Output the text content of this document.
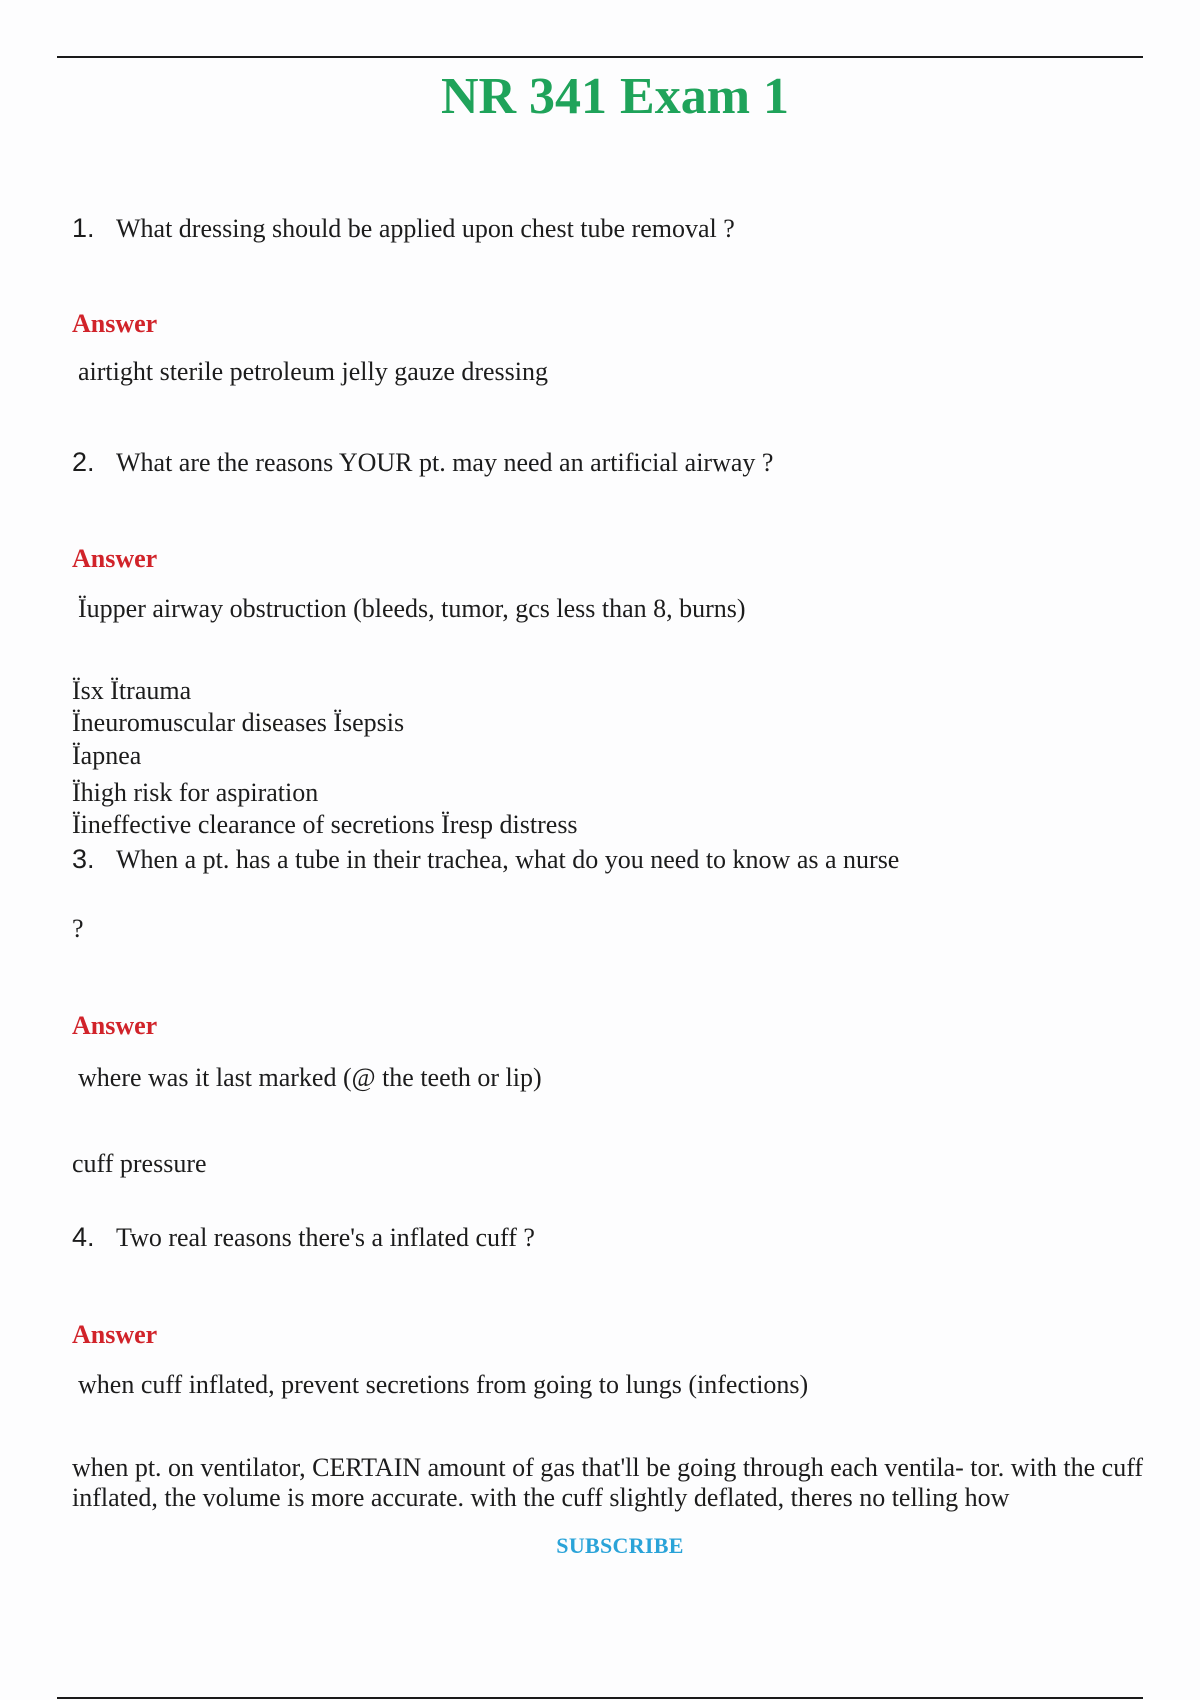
NR 341 Exam 1
1. What dressing should be applied upon chest tube removal ?
Answer
airtight sterile petroleum jelly gauze dressing
2. What are the reasons YOUR pt. may need an artificial airway ?
Answer
Ïupper airway obstruction (bleeds, tumor, gcs less than 8, burns)
Ïsx Ïtrauma
Ïneuromuscular diseases Ïsepsis
Ïapnea
Ïhigh risk for aspiration
Ïineffective clearance of secretions Ïresp distress
3. When a pt. has a tube in their trachea, what do you need to know as a nurse
?
Answer
where was it last marked (@ the teeth or lip)
cuff pressure
4. Two real reasons there's a inflated cuff ?
Answer
when cuff inflated, prevent secretions from going to lungs (infections)
when pt. on ventilator, CERTAIN amount of gas that'll be going through each ventila- tor. with the cuff inflated, the volume is more accurate. with the cuff slightly deflated, theres no telling how
SUBSCRIBE
